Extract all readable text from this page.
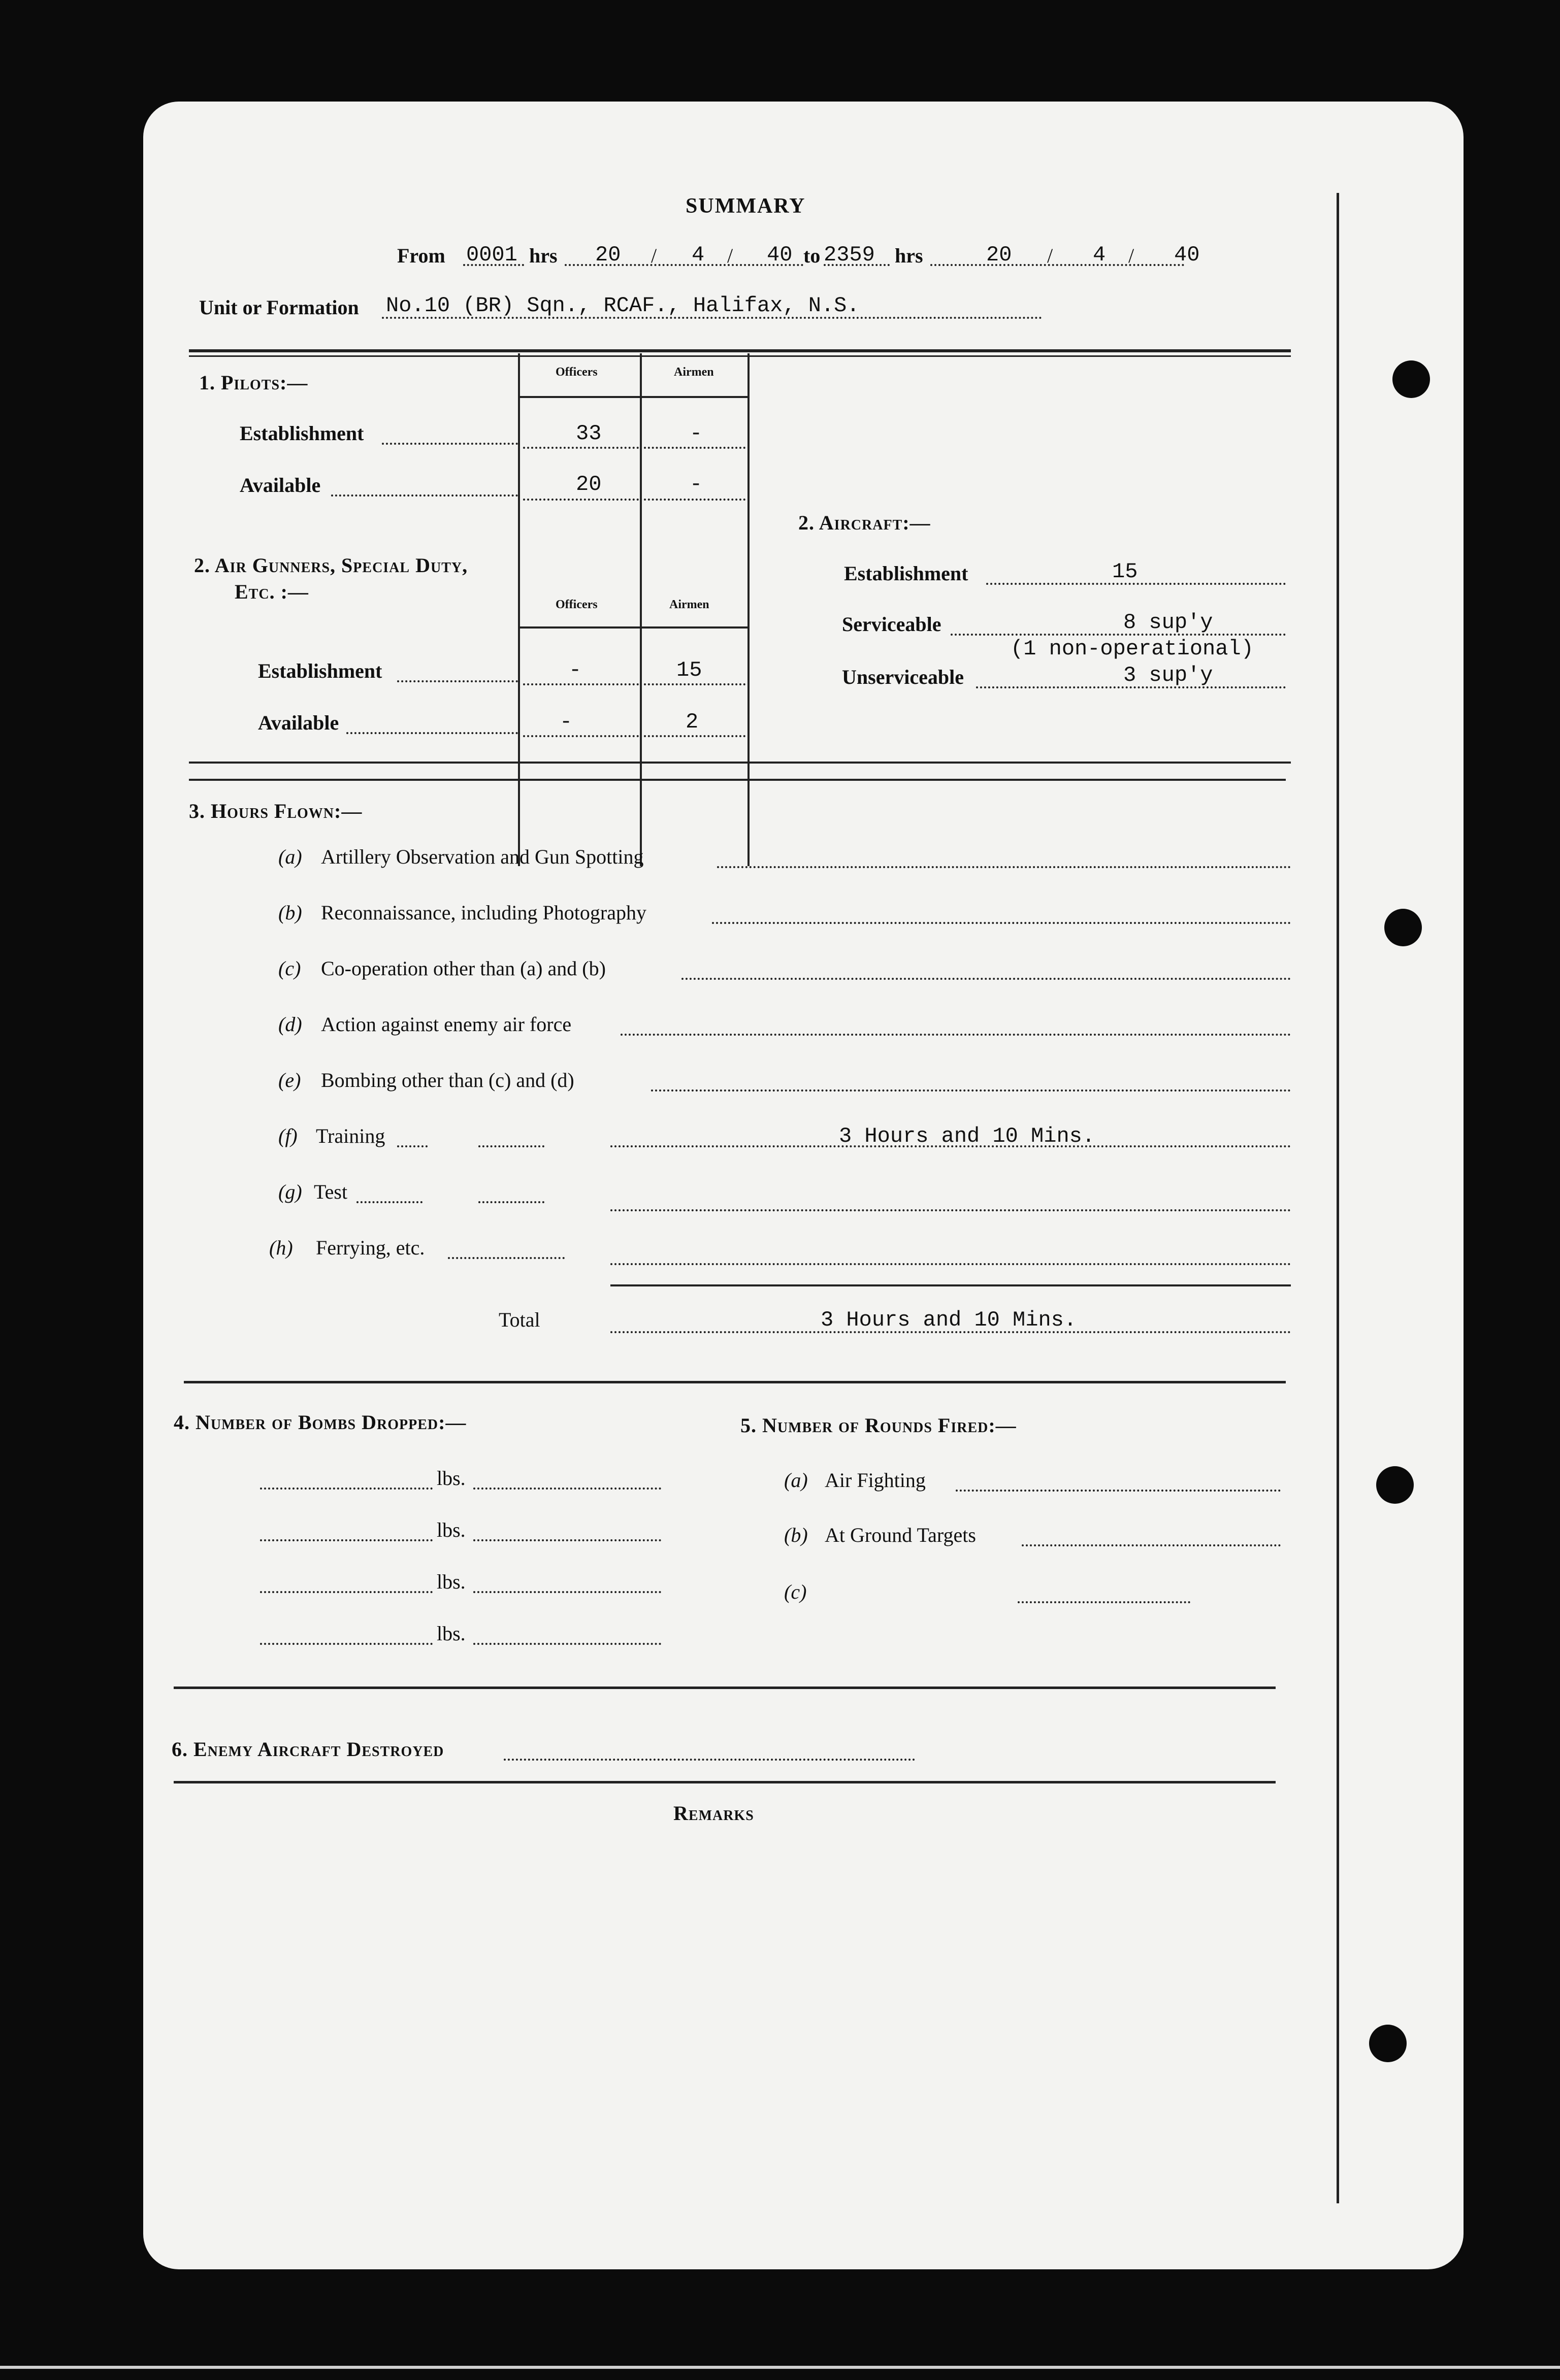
SUMMARY
From 0001 hrs 20 / 4 / 40 to 2359 hrs	20 / 4 / 40
Unit or Formation No.10 (BR) Sqn., RCAF., Halifax, N.S.
1. Pilots:—	Officers	Airmen
Establishment	33	-
Available	20	-
2. Aircraft:—
Establishment	15
Serviceable	8 sup'y
(1 non-operational)
Unserviceable	3 sup'y
2. Air Gunners, Special Duty,
Etc. :—
Officers	Airmen
Establishment	-	15
Available	-	2
3. Hours Flown:—
(a) Artillery Observation and Gun Spotting
(b) Reconnaissance, including Photography
(c) Co-operation other than (a) and (b)
(d) Action against enemy air force
(e) Bombing other than (c) and (d)
(f) Training	3 Hours and 10 Mins.
(g) Test
(h) Ferrying, etc.
Total	3 Hours and 10 Mins.
4. Number of Bombs Dropped:—
lbs.
lbs.
lbs.
lbs.
5. Number of Rounds Fired:—
(a) Air Fighting
(b) At Ground Targets
(c)
6. Enemy Aircraft Destroyed
Remarks
